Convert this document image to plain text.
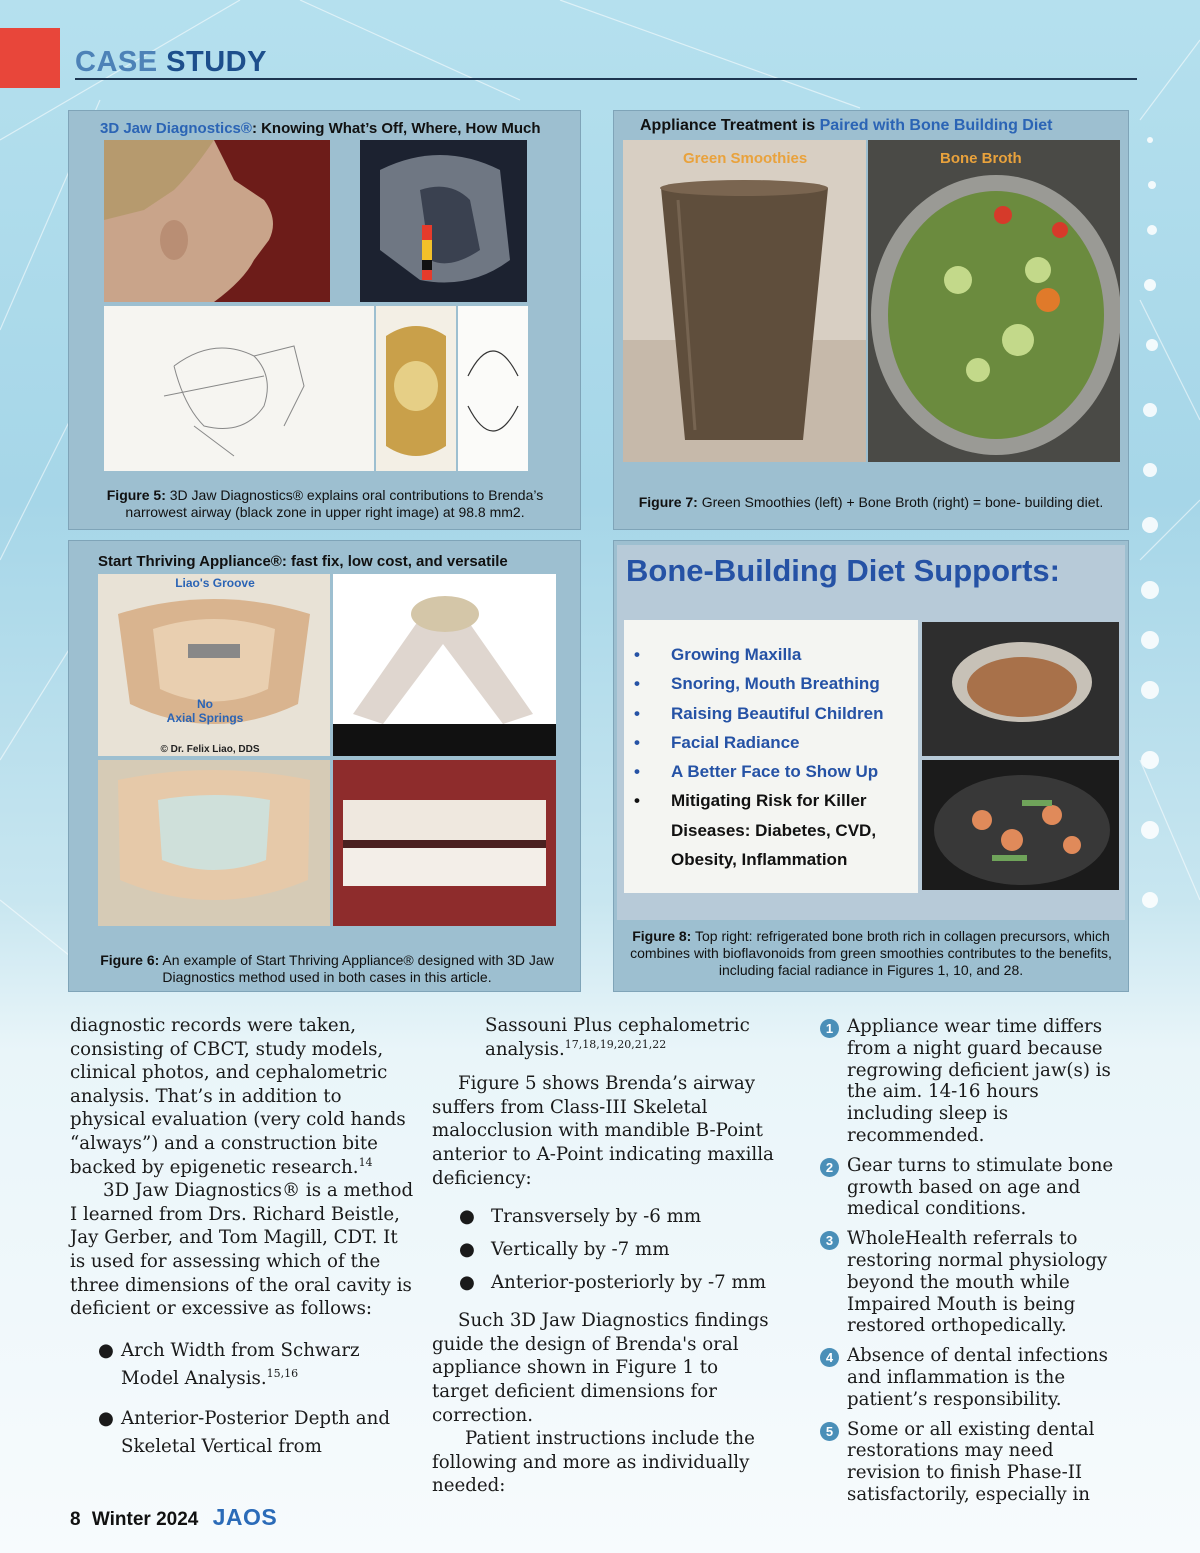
CASE STUDY
3D Jaw Diagnostics®: Knowing What’s Off, Where, How Much
Figure 5: 3D Jaw Diagnostics® explains oral contributions to Brenda’s narrowest airway (black zone in upper right image) at 98.8 mm2.
Appliance Treatment is Paired with Bone Building Diet
Green Smoothies	Bone Broth
Figure 7: Green Smoothies (left) + Bone Broth (right) = bone- building diet.
Start Thriving Appliance®: fast fix, low cost, and versatile
Liao's Groove
No
Axial Springs
© Dr. Felix Liao, DDS
Figure 6: An example of Start Thriving Appliance® designed with 3D Jaw Diagnostics method used in both cases in this article.
Bone-Building Diet Supports:
• Growing Maxilla
• Snoring, Mouth Breathing
• Raising Beautiful Children
• Facial Radiance
• A Better Face to Show Up
• Mitigating Risk for Killer Diseases: Diabetes, CVD, Obesity, Inflammation
Figure 8: Top right: refrigerated bone broth rich in collagen precursors, which combines with bioflavonoids from green smoothies contributes to the benefits, including facial radiance in Figures 1, 10, and 28.

diagnostic records were taken, consisting of CBCT, study models, clinical photos, and cephalometric analysis. That’s in addition to physical evaluation (very cold hands “always”) and a construction bite backed by epigenetic research.$^{14}$

3D Jaw Diagnostics® is a method I learned from Drs. Richard Beistle, Jay Gerber, and Tom Magill, CDT. It is used for assessing which of the three dimensions of the oral cavity is deficient or excessive as follows:

● Arch Width from Schwarz Model Analysis.$^{15,16}$
● Anterior-Posterior Depth and Skeletal Vertical from

Sassouni Plus cephalometric analysis.$^{17,18,19,20,21,22}$

Figure 5 shows Brenda’s airway suffers from Class-III Skeletal malocclusion with mandible B-Point anterior to A-Point indicating maxilla deficiency:

● Transversely by -6 mm
● Vertically by -7 mm
● Anterior-posteriorly by -7 mm

Such 3D Jaw Diagnostics findings guide the design of Brenda's oral appliance shown in Figure 1 to target deficient dimensions for correction.

Patient instructions include the following and more as individually needed:

1 Appliance wear time differs from a night guard because regrowing deficient jaw(s) is the aim. 14-16 hours including sleep is recommended.
2 Gear turns to stimulate bone growth based on age and medical conditions.
3 WholeHealth referrals to restoring normal physiology beyond the mouth while Impaired Mouth is being restored orthopedically.
4 Absence of dental infections and inflammation is the patient’s responsibility.
5 Some or all existing dental restorations may need revision to finish Phase-II satisfactorily, especially in
8 Winter 2024 JAOS
